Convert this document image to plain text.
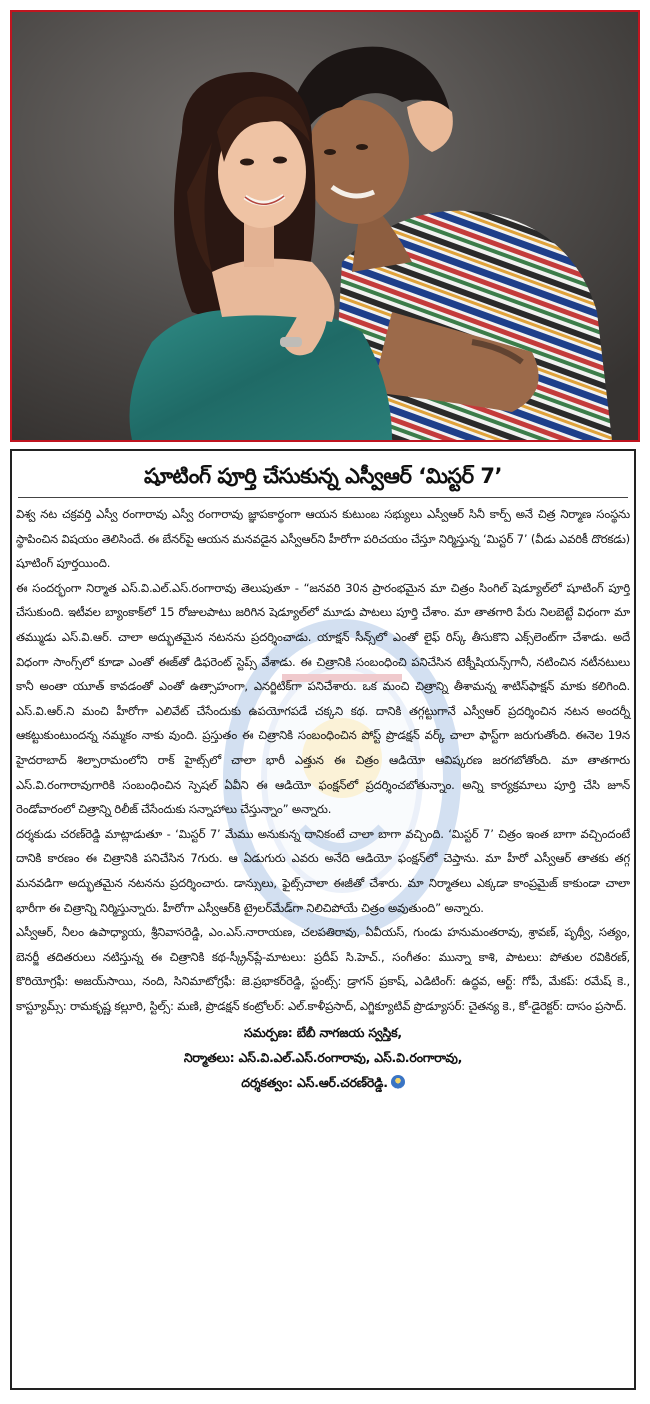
షూటింగ్ పూర్తి చేసుకున్న ఎస్వీఆర్ ‘మిస్టర్ 7’

విశ్వ నట చక్రవర్తి ఎస్వీ రంగారావు ఎస్వీ రంగారావు జ్ఞాపకార్థంగా ఆయన కుటుంబ సభ్యులు ఎస్వీఆర్ సినీ కార్ప్ అనే చిత్ర నిర్మాణ సంస్థను స్థాపించిన విషయం తెలిసిందే. ఈ బేనర్‌పై ఆయన మనవడైన ఎస్వీఆర్‌ని హీరోగా పరిచయం చేస్తూ నిర్మిస్తున్న ‘మిస్టర్ 7’ (వీడు ఎవరికీ దొరకడు) షూటింగ్ పూర్తయింది.

ఈ సందర్భంగా నిర్మాత ఎస్.వి.ఎల్.ఎస్.రంగారావు తెలుపుతూ - “జనవరి 30న ప్రారంభమైన మా చిత్రం సింగిల్ షెడ్యూల్‌లో షూటింగ్ పూర్తి చేసుకుంది. ఇటీవల బ్యాంకాక్‌లో 15 రోజులపాటు జరిగిన షెడ్యూల్‌లో మూడు పాటలు పూర్తి చేశాం. మా తాతగారి పేరు నిలబెట్టే విధంగా మా తమ్ముడు ఎస్.వి.ఆర్. చాలా అద్భుతమైన నటనను ప్రదర్శించాడు. యాక్షన్ సీన్స్‌లో ఎంతో లైఫ్ రిస్క్ తీసుకొని ఎక్స్‌లెంట్‌గా చేశాడు. అదే విధంగా సాంగ్స్‌లో కూడా ఎంతో ఈజ్‌తో డిఫరెంట్ స్టెప్స్ వేశాడు. ఈ చిత్రానికి సంబంధించి పనిచేసిన టెక్నీషియన్స్‌గానీ, నటించిన నటీనటులు కానీ అంతా యూత్ కావడంతో ఎంతో ఉత్సాహంగా, ఎనర్జిటిక్‌గా పనిచేశారు. ఒక మంచి చిత్రాన్ని తీశామన్న శాటిస్‌ఫాక్షన్ మాకు కలిగింది. ఎస్.వి.ఆర్.ని మంచి హీరోగా ఎలివేట్ చేసేందుకు ఉపయోగపడే చక్కని కథ. దానికి తగ్గట్టుగానే ఎస్వీఆర్ ప్రదర్శించిన నటన అందర్నీ ఆకట్టుకుంటుందన్న నమ్మకం నాకు వుంది. ప్రస్తుతం ఈ చిత్రానికి సంబంధించిన పోస్ట్ ప్రొడక్షన్ వర్క్ చాలా ఫాస్ట్‌గా జరుగుతోంది. ఈనెల 19న హైదరాబాద్ శిల్పారామంలోని రాక్ హైట్స్‌లో చాలా భారీ ఎత్తున ఈ చిత్రం ఆడియో ఆవిష్కరణ జరగబోతోంది. మా తాతగారు ఎస్.వి.రంగారావుగారికి సంబంధించిన స్పెషల్ ఏవీని ఈ ఆడియో ఫంక్షన్‌లో ప్రదర్శించబోతున్నాం. అన్ని కార్యక్రమాలు పూర్తి చేసి జూన్ రెండోవారంలో చిత్రాన్ని రిలీజ్ చేసేందుకు సన్నాహాలు చేస్తున్నాం” అన్నారు.

దర్శకుడు చరణ్‌రెడ్డి మాట్లాడుతూ - ‘మిస్టర్ 7’ మేము అనుకున్న దానికంటే చాలా బాగా వచ్చింది. ‘మిస్టర్ 7’ చిత్రం ఇంత బాగా వచ్చిందంటే దానికి కారణం ఈ చిత్రానికి పనిచేసిన 7గురు. ఆ ఏడుగురు ఎవరు అనేది ఆడియో ఫంక్షన్‌లో చెప్తాను. మా హీరో ఎస్వీఆర్ తాతకు తగ్గ మనవడిగా అద్భుతమైన నటనను ప్రదర్శించారు. డాన్సులు, ఫైట్స్‌చాలా ఈజీతో చేశారు. మా నిర్మాతలు ఎక్కడా కాంప్రమైజ్ కాకుండా చాలా భారీగా ఈ చిత్రాన్ని నిర్మిస్తున్నారు. హీరోగా ఎస్వీఆర్‌కి ట్రైలర్‌మేడ్‌గా నిలిచిపోయే చిత్రం అవుతుంది” అన్నారు.

ఎస్వీఆర్, నీలం ఉపాధ్యాయ, శ్రీనివాసరెడ్డి, ఎం.ఎస్.నారాయణ, చలపతిరావు, ఏవీయస్, గుండు హనుమంతరావు, శ్రావణ్, పృథ్వీ, సత్యం, బెనర్జీ తదితరులు నటిస్తున్న ఈ చిత్రానికి కథ-స్క్రీన్‌ప్లే-మాటలు: ప్రదీప్ సి.హెచ్., సంగీతం: మున్నా కాశి, పాటలు: పోతుల రవికిరణ్, కొరియోగ్రఫీ: అజయ్‌సాయి, నంది, సినిమాటోగ్రఫీ: జె.ప్రభాకర్‌రెడ్డి, స్టంట్స్: డ్రాగన్ ప్రకాష్, ఎడిటింగ్: ఉద్ధవ, ఆర్ట్: గోపీ, మేకప్: రమేష్ కె., కాస్ట్యూమ్స్: రామకృష్ణ కల్లూరి, స్టిల్స్: మణి, ప్రొడక్షన్ కంట్రోలర్: ఎల్.కాళీప్రసాద్, ఎగ్జిక్యూటివ్ ప్రొడ్యూసర్: చైతన్య కె., కో-డైరెక్టర్: దాసం ప్రసాద్.

సమర్పణ: బేబీ నాగజయ స్వస్తిక,
నిర్మాతలు: ఎస్.వి.ఎల్.ఎస్.రంగారావు, ఎస్.వి.రంగారావు,
దర్శకత్వం: ఎస్.ఆర్.చరణ్‌రెడ్డి.
